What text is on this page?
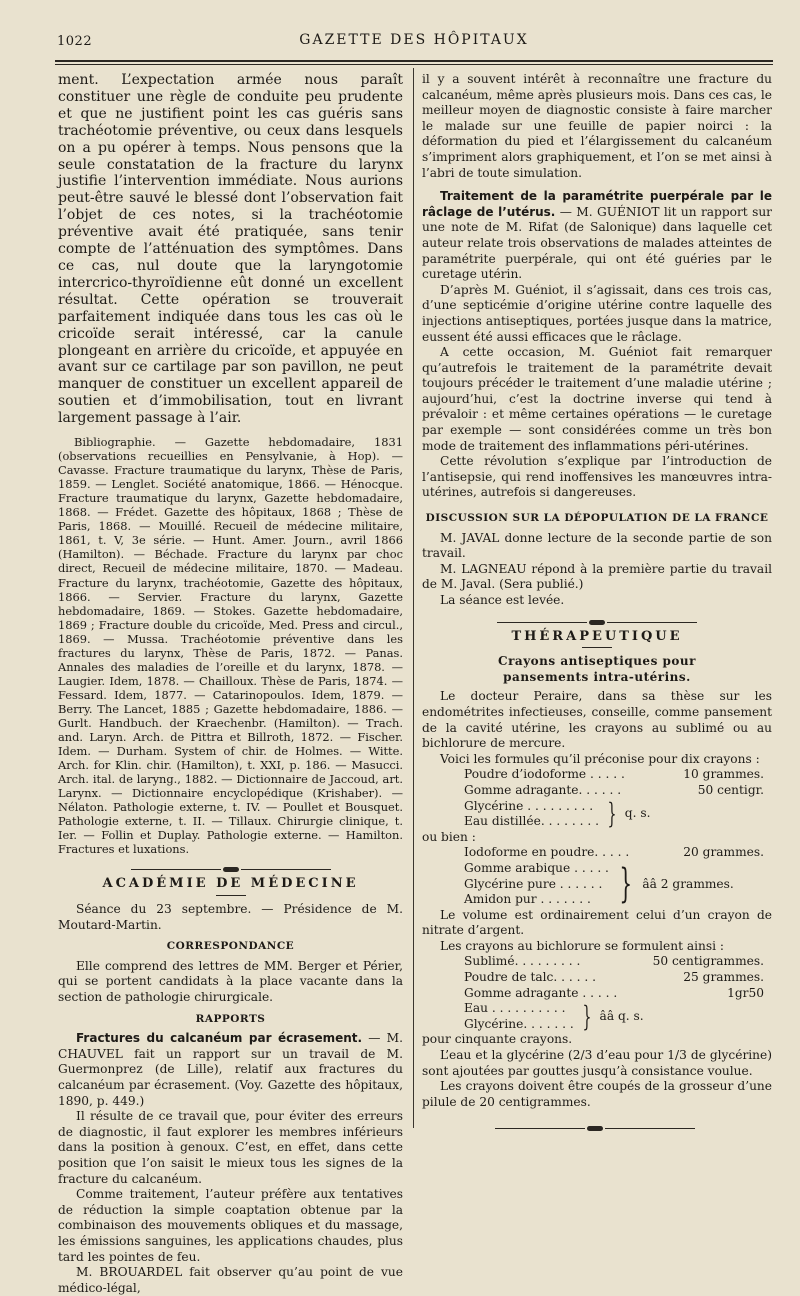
1022	GAZETTE DES HÔPITAUX

ment. L’expectation armée nous paraît constituer une règle de conduite peu prudente et que ne justifient point les cas guéris sans trachéotomie préventive, ou ceux dans lesquels on a pu opérer à temps. Nous pensons que la seule constatation de la fracture du larynx justifie l’intervention immédiate. Nous aurions peut-être sauvé le blessé dont l’observation fait l’objet de ces notes, si la trachéotomie préventive avait été pratiquée, sans tenir compte de l’atténuation des symptômes. Dans ce cas, nul doute que la laryngotomie intercrico-thyroïdienne eût donné un excellent résultat. Cette opération se trouverait parfaitement indiquée dans tous les cas où le cricoïde serait intéressé, car la canule plongeant en arrière du cricoïde, et appuyée en avant sur ce cartilage par son pavillon, ne peut manquer de constituer un excellent appareil de soutien et d’immobilisation, tout en livrant largement passage à l’air.

Bibliographie. — Gazette hebdomadaire, 1831 (observations recueillies en Pensylvanie, à Hop). — Cavasse. Fracture traumatique du larynx, Thèse de Paris, 1859. — Lenglet. Société anatomique, 1866. — Hénocque. Fracture traumatique du larynx, Gazette hebdomadaire, 1868. — Frédet. Gazette des hôpitaux, 1868 ; Thèse de Paris, 1868. — Mouillé. Recueil de médecine militaire, 1861, t. V, 3e série. — Hunt. Amer. Journ., avril 1866 (Hamilton). — Béchade. Fracture du larynx par choc direct, Recueil de médecine militaire, 1870. — Madeau. Fracture du larynx, trachéotomie, Gazette des hôpitaux, 1866. — Servier. Fracture du larynx, Gazette hebdomadaire, 1869. — Stokes. Gazette hebdomadaire, 1869 ; Fracture double du cricoïde, Med. Press and circul., 1869. — Mussa. Trachéotomie préventive dans les fractures du larynx, Thèse de Paris, 1872. — Panas. Annales des maladies de l’oreille et du larynx, 1878. — Laugier. Idem, 1878. — Chailloux. Thèse de Paris, 1874. — Fessard. Idem, 1877. — Catarinopoulos. Idem, 1879. — Berry. The Lancet, 1885 ; Gazette hebdomadaire, 1886. — Gurlt. Handbuch. der Kraechenbr. (Hamilton). — Trach. and. Laryn. Arch. de Pittra et Billroth, 1872. — Fischer. Idem. — Durham. System of chir. de Holmes. — Witte. Arch. for Klin. chir. (Hamilton), t. XXI, p. 186. — Masucci. Arch. ital. de laryng., 1882. — Dictionnaire de Jaccoud, art. Larynx. — Dictionnaire encyclopédique (Krishaber). — Nélaton. Pathologie externe, t. IV. — Poullet et Bousquet. Pathologie externe, t. II. — Tillaux. Chirurgie clinique, t. Ier. — Follin et Duplay. Pathologie externe. — Hamilton. Fractures et luxations.

ACADÉMIE DE MÉDECINE

Séance du 23 septembre. — Présidence de M. Moutard-Martin.

CORRESPONDANCE

Elle comprend des lettres de MM. Berger et Périer, qui se portent candidats à la place vacante dans la section de pathologie chirurgicale.

RAPPORTS

Fractures du calcanéum par écrasement. — M. CHAUVEL fait un rapport sur un travail de M. Guermonprez (de Lille), relatif aux fractures du calcanéum par écrasement. (Voy. Gazette des hôpitaux, 1890, p. 449.)

Il résulte de ce travail que, pour éviter des erreurs de diagnostic, il faut explorer les membres inférieurs dans la position à genoux. C’est, en effet, dans cette position que l’on saisit le mieux tous les signes de la fracture du calcanéum.

Comme traitement, l’auteur préfère aux tentatives de réduction la simple coaptation obtenue par la combinaison des mouvements obliques et du massage, les émissions sanguines, les applications chaudes, plus tard les pointes de feu.

M. BROUARDEL fait observer qu’au point de vue médico-légal,

il y a souvent intérêt à reconnaître une fracture du calcanéum, même après plusieurs mois. Dans ces cas, le meilleur moyen de diagnostic consiste à faire marcher le malade sur une feuille de papier noirci : la déformation du pied et l’élargissement du calcanéum s’impriment alors graphiquement, et l’on se met ainsi à l’abri de toute simulation.

Traitement de la paramétrite puerpérale par le râclage de l’utérus. — M. GUÉNIOT lit un rapport sur une note de M. Rifat (de Salonique) dans laquelle cet auteur relate trois observations de malades atteintes de paramétrite puerpérale, qui ont été guéries par le curetage utérin.

D’après M. Guéniot, il s’agissait, dans ces trois cas, d’une septicémie d’origine utérine contre laquelle des injections antiseptiques, portées jusque dans la matrice, eussent été aussi efficaces que le râclage.

A cette occasion, M. Guéniot fait remarquer qu’autrefois le traitement de la paramétrite devait toujours précéder le traitement d’une maladie utérine ; aujourd’hui, c’est la doctrine inverse qui tend à prévaloir : et même certaines opérations — le curetage par exemple — sont considérées comme un très bon mode de traitement des inflammations péri-utérines.

Cette révolution s’explique par l’introduction de l’antisepsie, qui rend inoffensives les manœuvres intra-utérines, autrefois si dangereuses.

DISCUSSION SUR LA DÉPOPULATION DE LA FRANCE

M. JAVAL donne lecture de la seconde partie de son travail.

M. LAGNEAU répond à la première partie du travail de M. Javal. (Sera publié.)

La séance est levée.

THÉRAPEUTIQUE
Crayons antiseptiques pour pansements intra-utérins.

Le docteur Peraire, dans sa thèse sur les endométrites infectieuses, conseille, comme pansement de la cavité utérine, les crayons au sublimé ou au bichlorure de mercure.

Voici les formules qu’il préconise pour dix crayons :

Poudre d’iodoforme . . . . .	10 grammes.
Gomme adragante. . . . . .	50 centigr.
Glycérine . . . . . . . . .
Eau distillée. . . . . . . . } q. s.

ou bien :

Iodoforme en poudre. . . . .	20 grammes.
Gomme arabique . . . . .
Glycérine pure . . . . . .
Amidon pur . . . . . . . } ââ 2 grammes.

Le volume est ordinairement celui d’un crayon de nitrate d’argent.

Les crayons au bichlorure se formulent ainsi :

Sublimé. . . . . . . . .	50 centigrammes.
Poudre de talc. . . . . .	25 grammes.
Gomme adragante . . . . .	1gr50
Eau . . . . . . . . . .
Glycérine. . . . . . . } ââ q. s.

pour cinquante crayons.

L’eau et la glycérine (2/3 d’eau pour 1/3 de glycérine) sont ajoutées par gouttes jusqu’à consistance voulue.

Les crayons doivent être coupés de la grosseur d’une pilule de 20 centigrammes.
